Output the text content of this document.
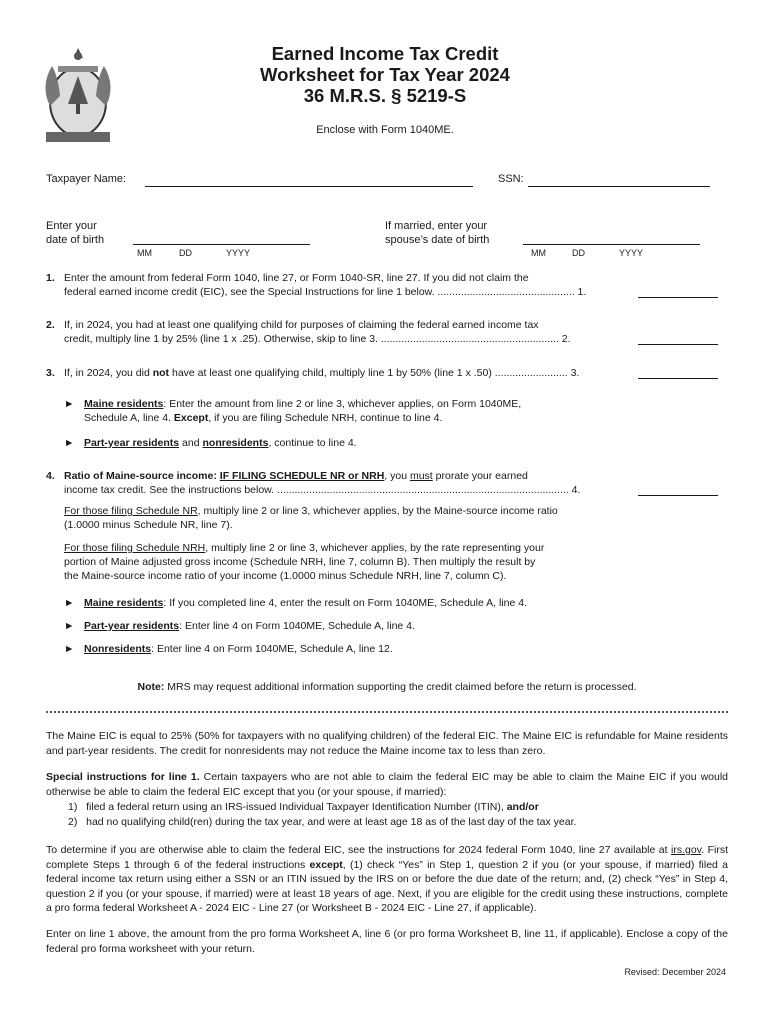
Earned Income Tax Credit
Worksheet for Tax Year 2024
36 M.R.S. § 5219-S
Enclose with Form 1040ME.
Taxpayer Name:	SSN:
Enter your
date of birth
MM	DD	YYYY
If married, enter your
spouse’s date of birth
MM	DD	YYYY
1. Enter the amount from federal Form 1040, line 27, or Form 1040-SR, line 27. If you did not claim the
federal earned income credit (EIC), see the Special Instructions for line 1 below. ............................................... 1.
2. If, in 2024, you had at least one qualifying child for purposes of claiming the federal earned income tax
credit, multiply line 1 by 25% (line 1 x .25). Otherwise, skip to line 3. ............................................................. 2.
3. If, in 2024, you did not have at least one qualifying child, multiply line 1 by 50% (line 1 x .50) ......................... 3.
► Maine residents: Enter the amount from line 2 or line 3, whichever applies, on Form 1040ME,
Schedule A, line 4. Except, if you are filing Schedule NRH, continue to line 4.
► Part-year residents and nonresidents, continue to line 4.
4. Ratio of Maine-source income: IF FILING SCHEDULE NR or NRH, you must prorate your earned
income tax credit. See the instructions below. .................................................................................................... 4.
For those filing Schedule NR, multiply line 2 or line 3, whichever applies, by the Maine-source income ratio
(1.0000 minus Schedule NR, line 7).
For those filing Schedule NRH, multiply line 2 or line 3, whichever applies, by the rate representing your
portion of Maine adjusted gross income (Schedule NRH, line 7, column B). Then multiply the result by
the Maine-source income ratio of your income (1.0000 minus Schedule NRH, line 7, column C).
► Maine residents: If you completed line 4, enter the result on Form 1040ME, Schedule A, line 4.
► Part-year residents: Enter line 4 on Form 1040ME, Schedule A, line 4.
► Nonresidents: Enter line 4 on Form 1040ME, Schedule A, line 12.
Note: MRS may request additional information supporting the credit claimed before the return is processed.
The Maine EIC is equal to 25% (50% for taxpayers with no qualifying children) of the federal EIC. The Maine EIC is refundable for Maine residents and part-year residents. The credit for nonresidents may not reduce the Maine income tax to less than zero.
Special instructions for line 1. Certain taxpayers who are not able to claim the federal EIC may be able to claim the Maine EIC if you would otherwise be able to claim the federal EIC except that you (or your spouse, if married):
1) filed a federal return using an IRS-issued Individual Taxpayer Identification Number (ITIN), and/or
2) had no qualifying child(ren) during the tax year, and were at least age 18 as of the last day of the tax year.
To determine if you are otherwise able to claim the federal EIC, see the instructions for 2024 federal Form 1040, line 27 available at irs.gov. First complete Steps 1 through 6 of the federal instructions except, (1) check “Yes” in Step 1, question 2 if you (or your spouse, if married) filed a federal income tax return using either a SSN or an ITIN issued by the IRS on or before the due date of the return; and, (2) check “Yes” in Step 4, question 2 if you (or your spouse, if married) were at least 18 years of age. Next, if you are eligible for the credit using these instructions, complete a pro forma federal Worksheet A - 2024 EIC - Line 27 (or Worksheet B - 2024 EIC - Line 27, if applicable).
Enter on line 1 above, the amount from the pro forma Worksheet A, line 6 (or pro forma Worksheet B, line 11, if applicable). Enclose a copy of the federal pro forma worksheet with your return.
Revised: December 2024
